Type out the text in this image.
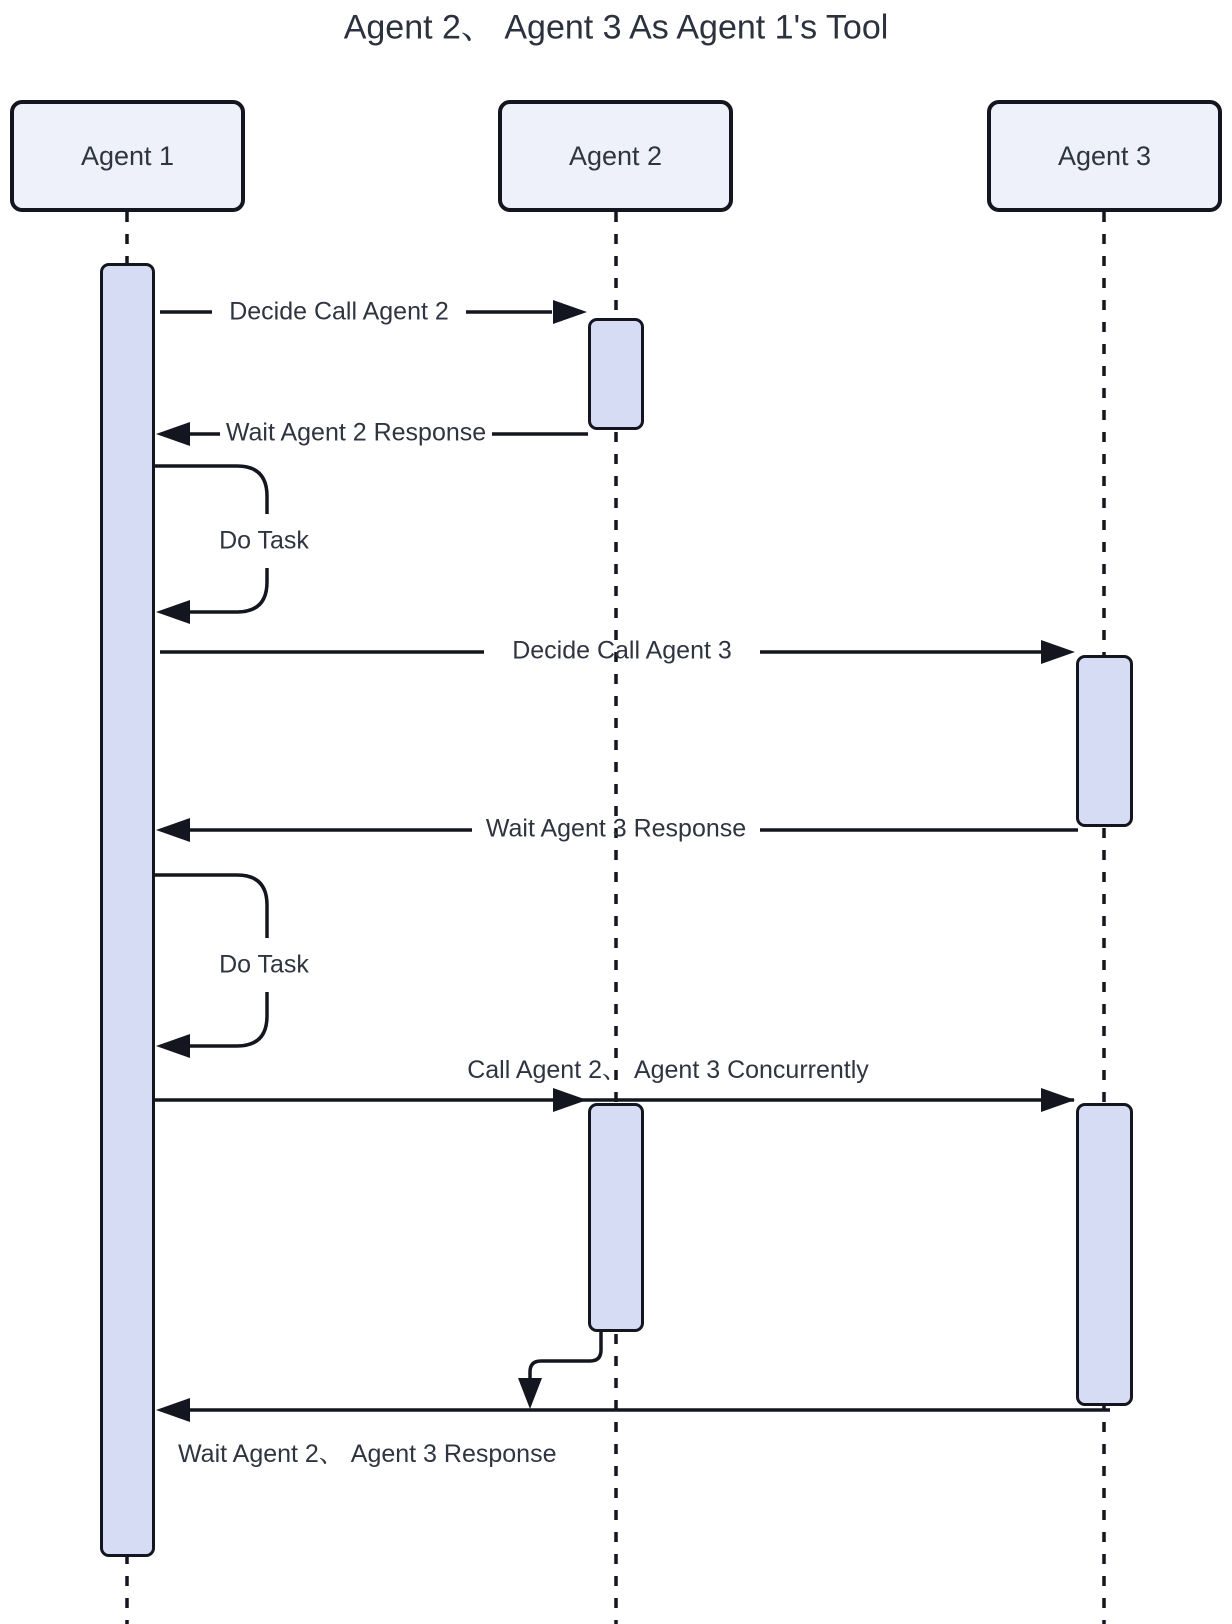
Agent 2、 Agent 3 As Agent 1's Tool
Agent 1	Agent 2	Agent 3
Decide Call Agent 2
Wait Agent 2 Response
Do Task
Decide Call Agent 3
Wait Agent 3 Response
Do Task
Call Agent 2、 Agent 3 Concurrently
Wait Agent 2、 Agent 3 Response
